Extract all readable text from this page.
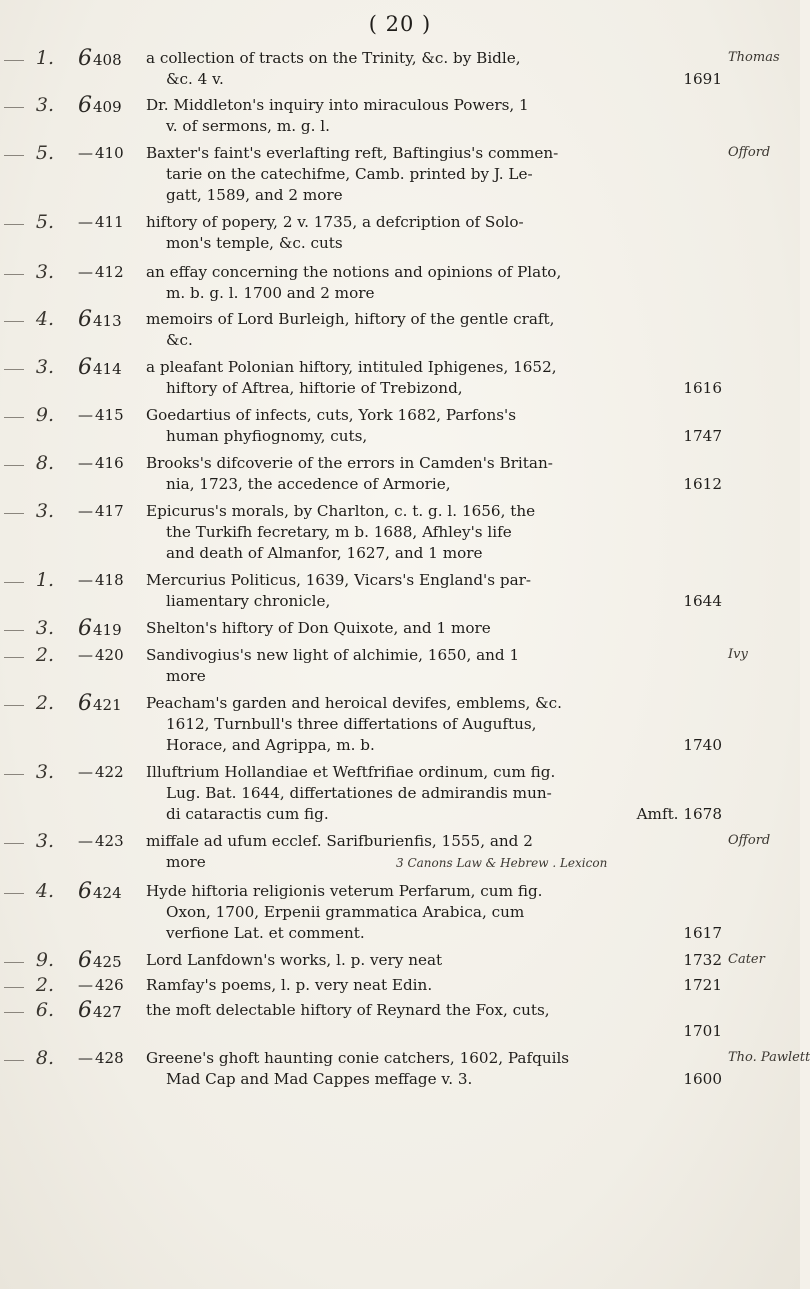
( 20 )
1. 6408	a collection of tracts on the Trinity, &c. by Bidle,
&c. 4 v.	1691
Thomas
3. 6409	Dr. Middleton's inquiry into miraculous Powers, 1
v. of sermons, m. g. l.
5. — 410	Baxter's faint's everlafting reft, Baftingius's commen-
tarie on the catechifme, Camb. printed by J. Le-
gatt, 1589, and 2 more
Offord
5. — 411	hiftory of popery, 2 v. 1735, a defcription of Solo-
mon's temple, &c. cuts
3. — 412	an effay concerning the notions and opinions of Plato,
m. b. g. l. 1700 and 2 more
4. 6413	memoirs of Lord Burleigh, hiftory of the gentle craft,
&c.
3. 6414	a pleafant Polonian hiftory, intituled Iphigenes, 1652,
hiftory of Aftrea, hiftorie of Trebizond,	1616
9. — 415	Goedartius of infects, cuts, York 1682, Parfons's
human phyfiognomy, cuts,	1747
8. — 416	Brooks's difcoverie of the errors in Camden's Britan-
nia, 1723, the accedence of Armorie,	1612
3. — 417	Epicurus's morals, by Charlton, c. t. g. l. 1656, the
the Turkifh fecretary, m b. 1688, Afhley's life
and death of Almanfor, 1627, and 1 more
1. — 418	Mercurius Politicus, 1639, Vicars's England's par-
liamentary chronicle,	1644
3. 6419	Shelton's hiftory of Don Quixote, and 1 more
2. — 420	Sandivogius's new light of alchimie, 1650, and 1
more
Ivy
2. 6421	Peacham's garden and heroical devifes, emblems, &c.
1612, Turnbull's three differtations of Auguftus,
Horace, and Agrippa, m. b.	1740
3. — 422	Illuftrium Hollandiae et Weftfrifiae ordinum, cum fig.
Lug. Bat. 1644, differtationes de admirandis mun-
di cataractis cum fig.	Amft. 1678
3. — 423	miffale ad ufum ecclef. Sarifburienfis, 1555, and 2
more
Offord
3 Canons Law & Hebrew . Lexicon
4. 6424	Hyde hiftoria religionis veterum Perfarum, cum fig.
Oxon, 1700, Erpenii grammatica Arabica, cum
verfione Lat. et comment.	1617
9. 6425	Lord Lanfdown's works, l. p. very neat	1732 Cater
2. — 426	Ramfay's poems, l. p. very neat Edin.	1721
6. 6427	the moft delectable hiftory of Reynard the Fox, cuts,
1701
8. — 428	Greene's ghoft haunting conie catchers, 1602, Pafquils
Mad Cap and Mad Cappes meffage v. 3.	1600
Tho. Pawlett
